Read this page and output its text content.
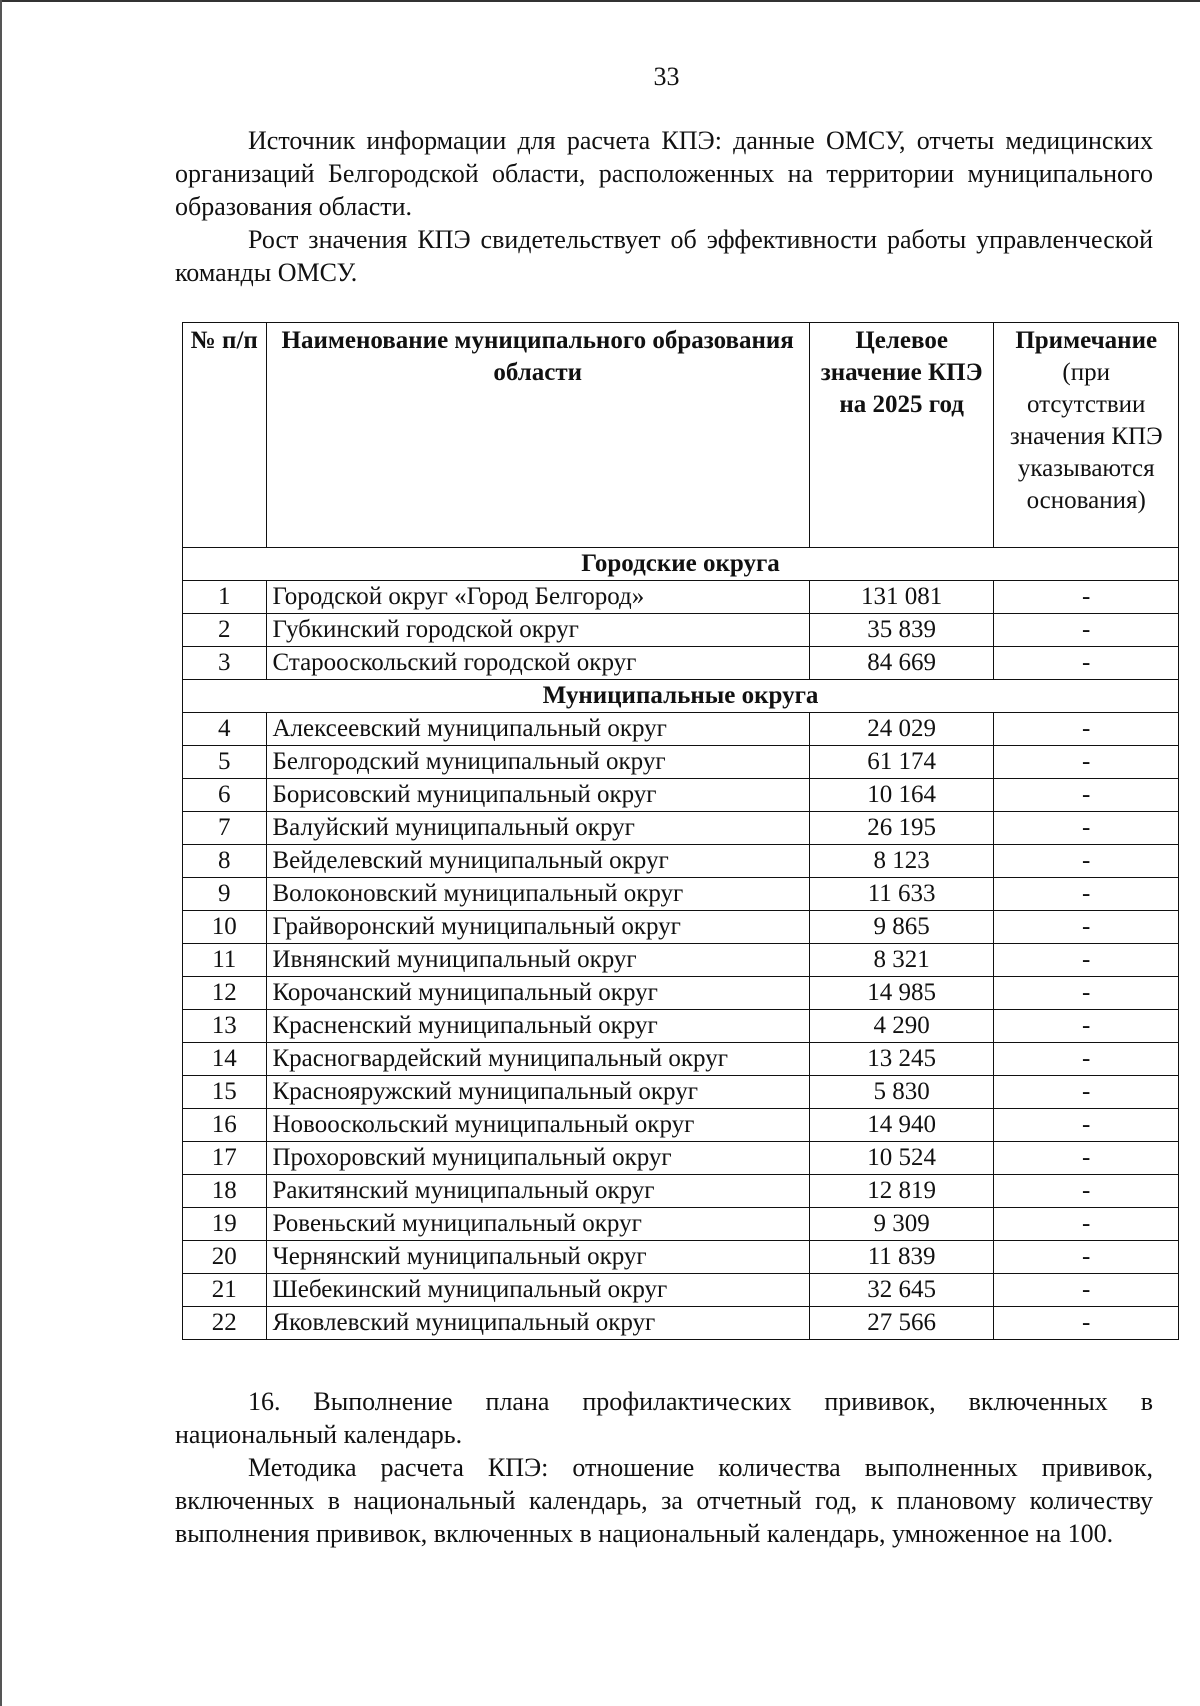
33

Источник информации для расчета КПЭ: данные ОМСУ, отчеты медицинских организаций Белгородской области, расположенных на территории муниципального образования области.

Рост значения КПЭ свидетельствует об эффективности работы управленческой команды ОМСУ.

№ п/п	Наименование муниципального образования области	Целевое значение КПЭ на 2025 год	Примечание
(при отсутствии значения КПЭ указываются основания)
Городские округа			
1	Городской округ «Город Белгород»	131 081	-
2	Губкинский городской округ	35 839	-
3	Старооскольский городской округ	84 669	-
Муниципальные округа			
4	Алексеевский муниципальный округ	24 029	-
5	Белгородский муниципальный округ	61 174	-
6	Борисовский муниципальный округ	10 164	-
7	Валуйский муниципальный округ	26 195	-
8	Вейделевский муниципальный округ	8 123	-
9	Волоконовский муниципальный округ	11 633	-
10	Грайворонский муниципальный округ	9 865	-
11	Ивнянский муниципальный округ	8 321	-
12	Корочанский муниципальный округ	14 985	-
13	Красненский муниципальный округ	4 290	-
14	Красногвардейский муниципальный округ	13 245	-
15	Краснояружский муниципальный округ	5 830	-
16	Новооскольский муниципальный округ	14 940	-
17	Прохоровский муниципальный округ	10 524	-
18	Ракитянский муниципальный округ	12 819	-
19	Ровеньский муниципальный округ	9 309	-
20	Чернянский муниципальный округ	11 839	-
21	Шебекинский муниципальный округ	32 645	-
22	Яковлевский муниципальный округ	27 566	-

16. Выполнение плана профилактических прививок, включенных в национальный календарь.

Методика расчета КПЭ: отношение количества выполненных прививок, включенных в национальный календарь, за отчетный год, к плановому количеству выполнения прививок, включенных в национальный календарь, умноженное на 100.
